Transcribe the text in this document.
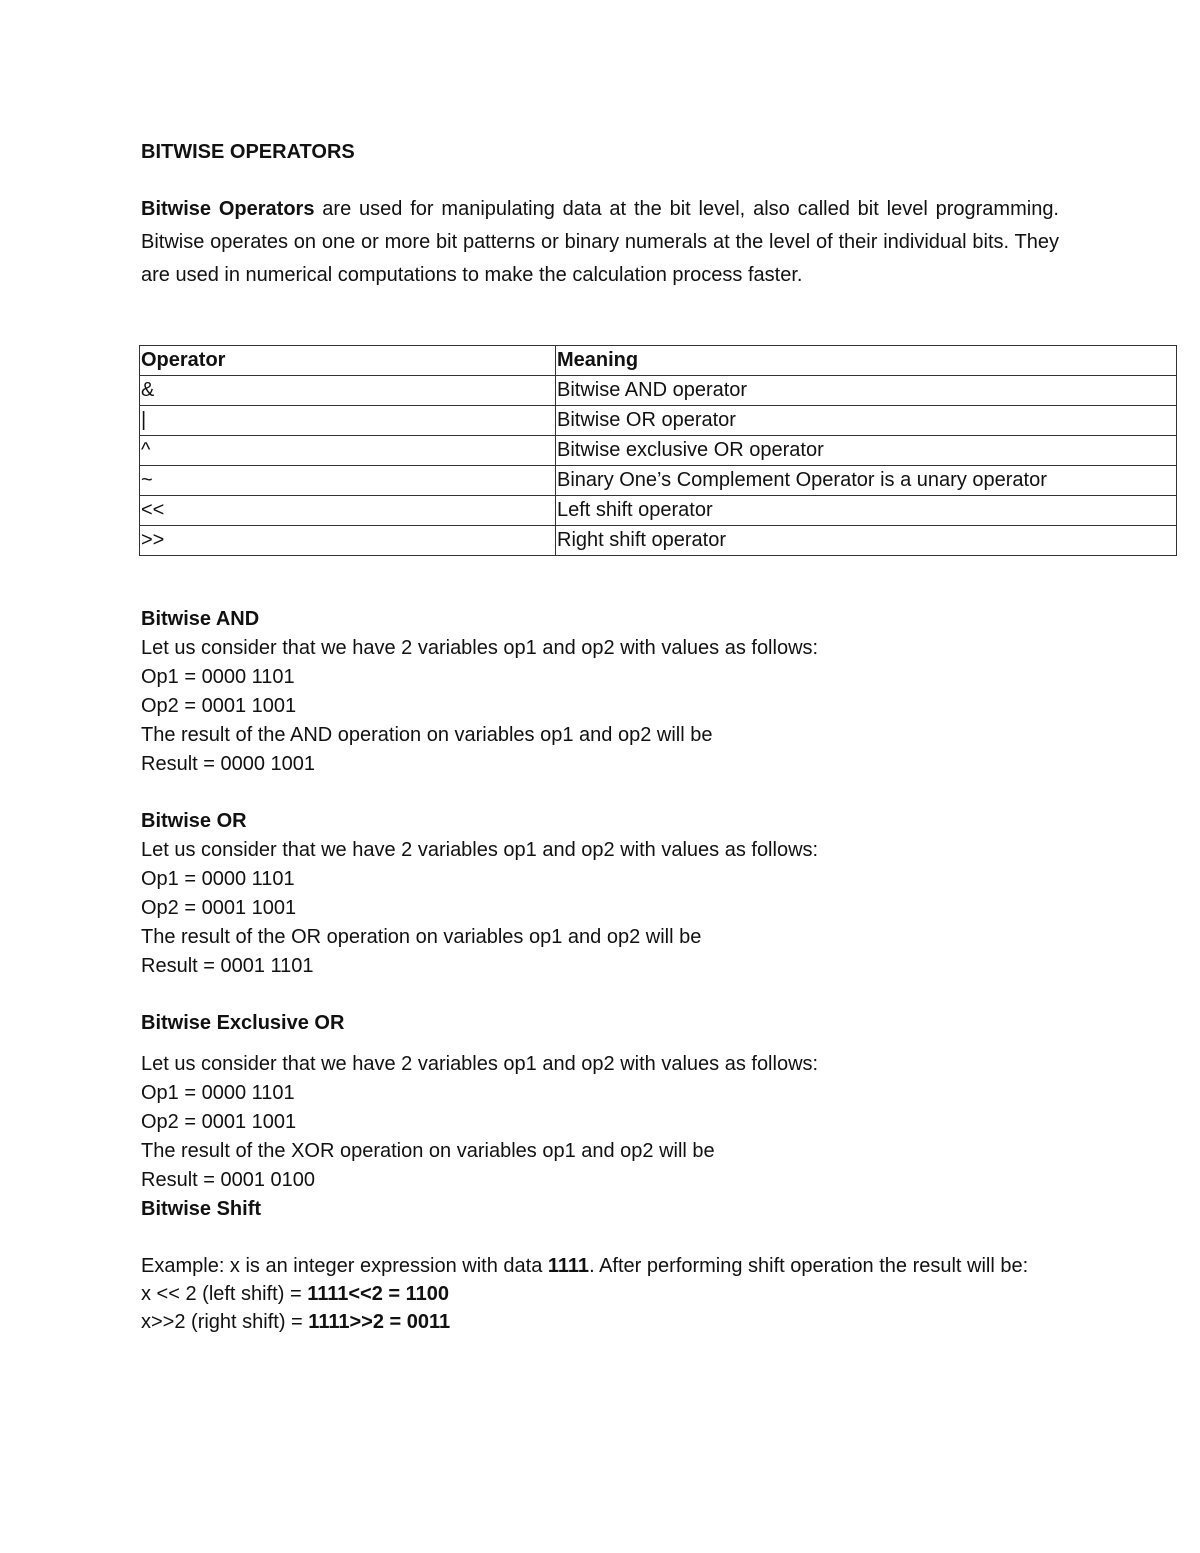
BITWISE OPERATORS

Bitwise Operators are used for manipulating data at the bit level, also called bit level programming. Bitwise operates on one or more bit patterns or binary numerals at the level of their individual bits. They are used in numerical computations to make the calculation process faster.

Operator	Meaning
&	Bitwise AND operator
|	Bitwise OR operator
^	Bitwise exclusive OR operator
~	Binary One’s Complement Operator is a unary operator
<<	Left shift operator
>>	Right shift operator
Bitwise AND
Let us consider that we have 2 variables op1 and op2 with values as follows:
Op1 = 0000 1101
Op2 = 0001 1001
The result of the AND operation on variables op1 and op2 will be
Result = 0000 1001
Bitwise OR
Let us consider that we have 2 variables op1 and op2 with values as follows:
Op1 = 0000 1101
Op2 = 0001 1001
The result of the OR operation on variables op1 and op2 will be
Result = 0001 1101
Bitwise Exclusive OR
Let us consider that we have 2 variables op1 and op2 with values as follows:
Op1 = 0000 1101
Op2 = 0001 1001
The result of the XOR operation on variables op1 and op2 will be
Result = 0001 0100
Bitwise Shift
Example: x is an integer expression with data 1111. After performing shift operation the result will be:
x << 2 (left shift) = 1111<<2 = 1100
x>>2 (right shift) = 1111>>2 = 0011
